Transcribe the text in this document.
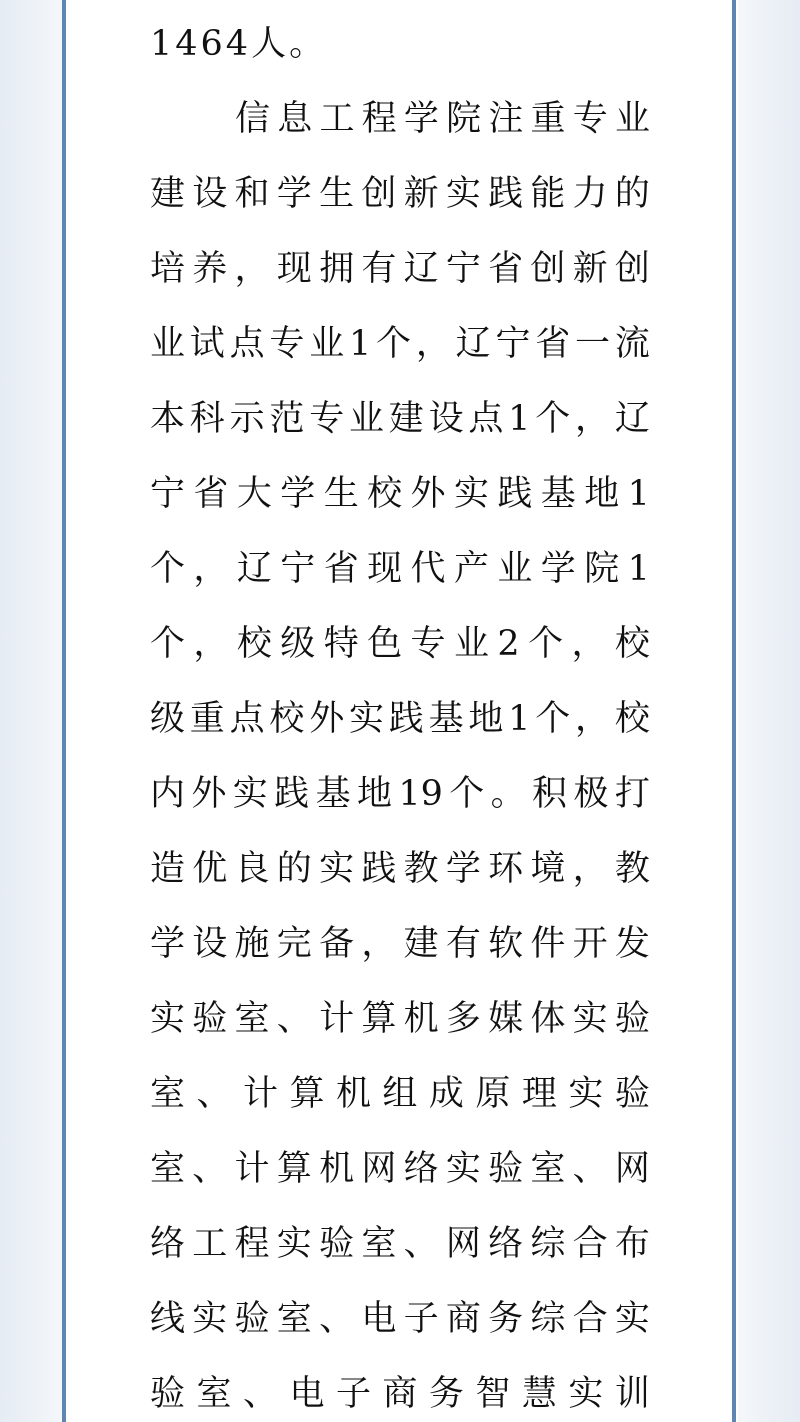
1464 人 。
信 息 工 程 学 院 注 重 专 业
建 设 和 学 生 创 新 实 践 能 力 的
培 养 ， 现 拥 有 辽 宁 省 创 新 创
业 试 点 专 业 1 个 ， 辽 宁 省 一 流
本 科 示 范 专 业 建 设 点 1 个 ， 辽
宁 省 大 学 生 校 外 实 践 基 地 1
个 ， 辽 宁 省 现 代 产 业 学 院 1
个 ， 校 级 特 色 专 业 2 个 ， 校
级 重 点 校 外 实 践 基 地 1 个 ， 校
内 外 实 践 基 地 19 个 。 积 极 打
造 优 良 的 实 践 教 学 环 境 ， 教
学 设 施 完 备 ， 建 有 软 件 开 发
实 验 室 、 计 算 机 多 媒 体 实 验
室 、 计 算 机 组 成 原 理 实 验
室 、 计 算 机 网 络 实 验 室 、 网
络 工 程 实 验 室 、 网 络 综 合 布
线 实 验 室 、 电 子 商 务 综 合 实
验 室 、 电 子 商 务 智 慧 实 训
